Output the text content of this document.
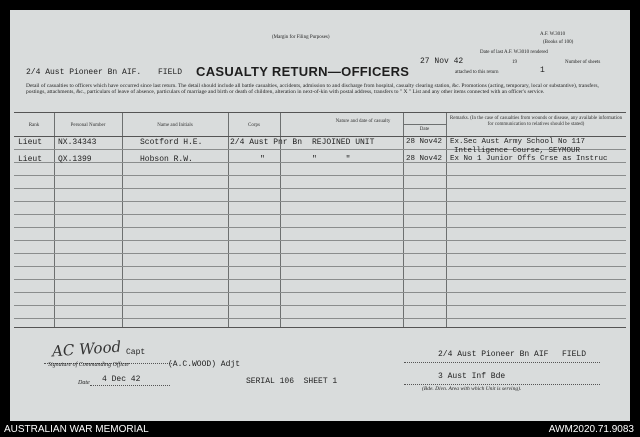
(Margin for Filing Purposes)
A.F. W.3010
(Books of 100)
Date of last A.F. W.3010 rendered
27 Nov 42	19	Number of sheets
1
attached to this return
2/4 Aust Pioneer Bn AIF. FIELD CASUALTY RETURN—OFFICERS
Detail of casualties to officers which have occurred since last return. The detail should include all battle casualties, accidents, admission to and discharge from hospital, casualty clearing station, &c. Promotions (acting, temporary, local or substantive), transfers, postings, attachments, &c., particulars of leave of absence, particulars of marriage and birth or death of children, alteration in next-of-kin with postal address, transfers to " X " List and any other items connected with an officer's service.
Rank	Personal Number	Name and Initials	Corps
Nature and date of casualty
Date
Remarks. (In the case of casualties from wounds or disease, any available information for communication to relatives should be stated)
Lieut NX.34343	Scotford H.E.	2/4 Aust Pnr Bn REJOINED UNIT	28 Nov42 Ex.Sec Aust Army School No 117
Intelligence Course, SEYMOUR
Lieut QX.1399	Hobson R.W.	"	"      "	28 Nov42 Ex No 1 Junior Offs Crse as Instruc
AC Wood Capt
Signature of Commanding Officer	(A.C.WOOD) Adjt
Date 4 Dec 42	SERIAL 106  SHEET 1
2/4 Aust Pioneer Bn AIF FIELD
3 Aust Inf Bde
(Bde. Divn. Area with which Unit is serving).
AUSTRALIAN WAR MEMORIAL	AWM2020.71.9083
